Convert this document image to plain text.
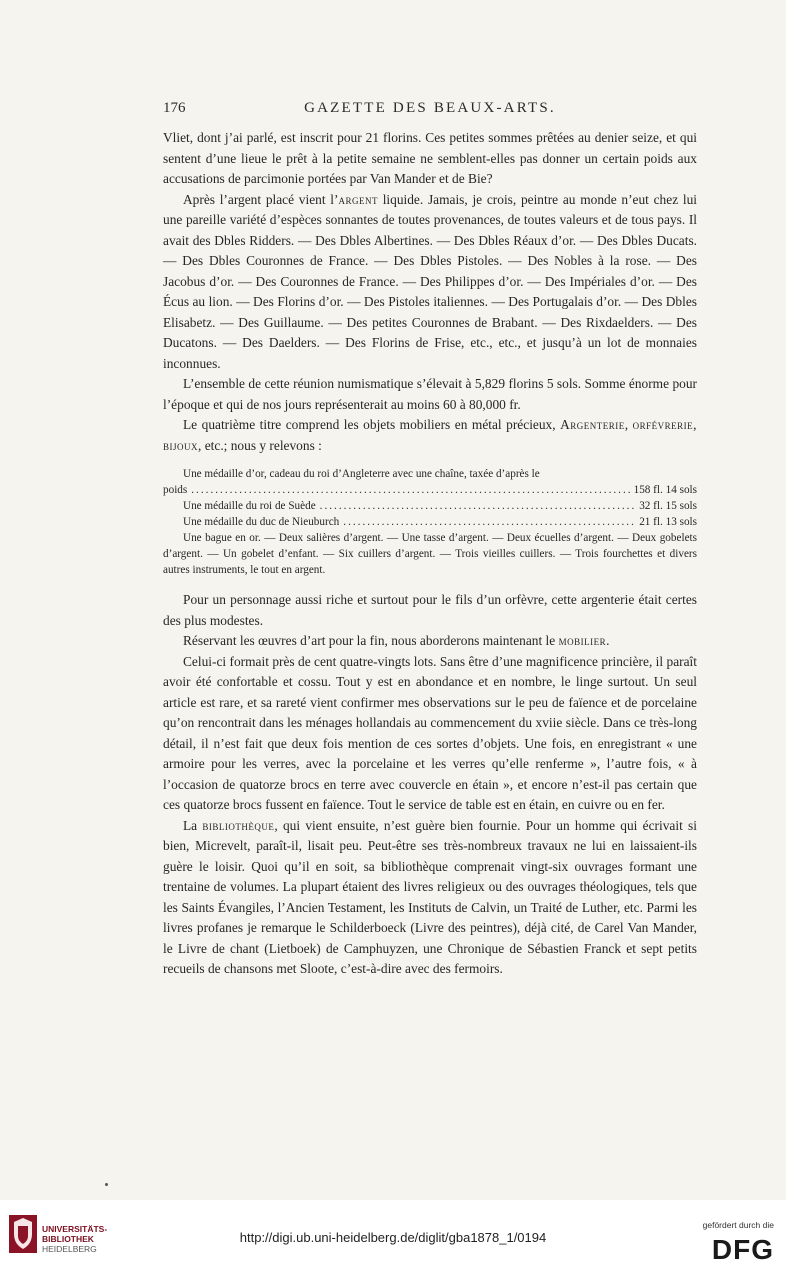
176	GAZETTE DES BEAUX-ARTS.

Vliet, dont j’ai parlé, est inscrit pour 21 florins. Ces petites sommes prêtées au denier seize, et qui sentent d’une lieue le prêt à la petite semaine ne semblent-elles pas donner un certain poids aux accusations de parcimonie portées par Van Mander et de Bie?

Après l’argent placé vient l’argent liquide. Jamais, je crois, peintre au monde n’eut chez lui une pareille variété d’espèces sonnantes de toutes provenances, de toutes valeurs et de tous pays. Il avait des Dbles Ridders. — Des Dbles Albertines. — Des Dbles Réaux d’or. — Des Dbles Ducats. — Des Dbles Couronnes de France. — Des Dbles Pistoles. — Des Nobles à la rose. — Des Jacobus d’or. — Des Couronnes de France. — Des Philippes d’or. — Des Impériales d’or. — Des Écus au lion. — Des Florins d’or. — Des Pistoles italiennes. — Des Portugalais d’or. — Des Dbles Elisabetz. — Des Guillaume. — Des petites Couronnes de Brabant. — Des Rixdaelders. — Des Ducatons. — Des Daelders. — Des Florins de Frise, etc., etc., et jusqu’à un lot de monnaies inconnues.

L’ensemble de cette réunion numismatique s’élevait à 5,829 florins 5 sols. Somme énorme pour l’époque et qui de nos jours représenterait au moins 60 à 80,000 fr.

Le quatrième titre comprend les objets mobiliers en métal précieux, Argenterie, orfévrerie, bijoux, etc.; nous y relevons :

Une médaille d’or, cadeau du roi d’Angleterre avec une chaîne, taxée d’après le

poids .....	158 fl. 14 sols
Une médaille du roi de Suède .....	32 fl. 15 sols
Une médaille du duc de Nieuburch .....	21 fl. 13 sols

Une bague en or. — Deux salières d’argent. — Une tasse d’argent. — Deux écuelles d’argent. — Deux gobelets d’argent. — Un gobelet d’enfant. — Six cuillers d’argent. — Trois vieilles cuillers. — Trois fourchettes et divers autres instruments, le tout en argent.

Pour un personnage aussi riche et surtout pour le fils d’un orfèvre, cette argenterie était certes des plus modestes.

Réservant les œuvres d’art pour la fin, nous aborderons maintenant le mobilier.

Celui-ci formait près de cent quatre-vingts lots. Sans être d’une magnificence princière, il paraît avoir été confortable et cossu. Tout y est en abondance et en nombre, le linge surtout. Un seul article est rare, et sa rareté vient confirmer mes observations sur le peu de faïence et de porcelaine qu’on rencontrait dans les ménages hollandais au commencement du xviie siècle. Dans ce très-long détail, il n’est fait que deux fois mention de ces sortes d’objets. Une fois, en enregistrant « une armoire pour les verres, avec la porcelaine et les verres qu’elle renferme », l’autre fois, « à l’occasion de quatorze brocs en terre avec couvercle en étain », et encore n’est-il pas certain que ces quatorze brocs fussent en faïence. Tout le service de table est en étain, en cuivre ou en fer.

La bibliothèque, qui vient ensuite, n’est guère bien fournie. Pour un homme qui écrivait si bien, Micrevelt, paraît-il, lisait peu. Peut-être ses très-nombreux travaux ne lui en laissaient-ils guère le loisir. Quoi qu’il en soit, sa bibliothèque comprenait vingt-six ouvrages formant une trentaine de volumes. La plupart étaient des livres religieux ou des ouvrages théologiques, tels que les Saints Évangiles, l’Ancien Testament, les Instituts de Calvin, un Traité de Luther, etc. Parmi les livres profanes je remarque le Schilderboeck (Livre des peintres), déjà cité, de Carel Van Mander, le Livre de chant (Lietboek) de Camphuyzen, une Chronique de Sébastien Franck et sept petits recueils de chansons met Sloote, c’est-à-dire avec des fermoirs.

UNIVERSITÄTS-
BIBLIOTHEK
HEIDELBERG
http://digi.ub.uni-heidelberg.de/diglit/gba1878_1/0194
gefördert durch die
DFG
